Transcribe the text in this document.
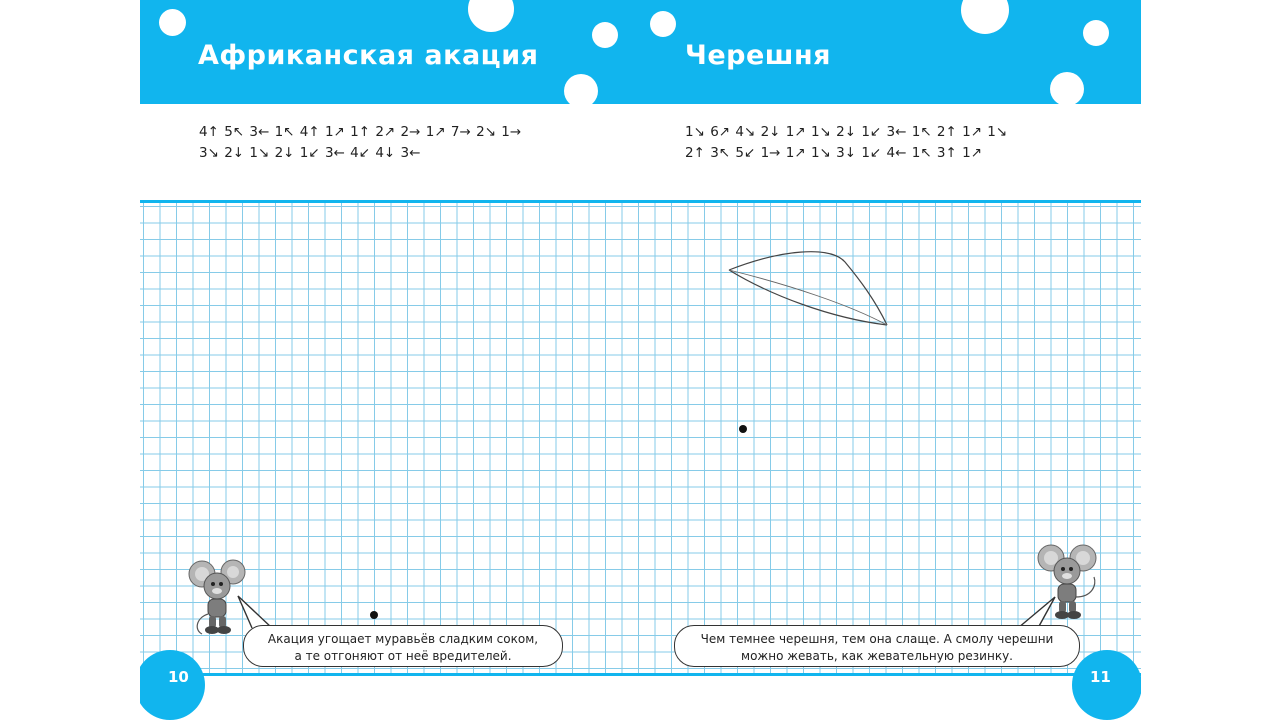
Африканская акация	Черешня
4↑ 5↖ 3← 1↖ 4↑ 1↗ 1↑ 2↗ 2→ 1↗ 7→ 2↘ 1→
3↘ 2↓ 1↘ 2↓ 1↙ 3← 4↙ 4↓ 3←
1↘ 6↗ 4↘ 2↓ 1↗ 1↘ 2↓ 1↙ 3← 1↖ 2↑ 1↗ 1↘
2↑ 3↖ 5↙ 1→ 1↗ 1↘ 3↓ 1↙ 4← 1↖ 3↑ 1↗
Акация угощает муравьёв сладким соком,
а те отгоняют от неё вредителей.
Чем темнее черешня, тем она слаще. А смолу черешни
можно жевать, как жевательную резинку.
10	11
